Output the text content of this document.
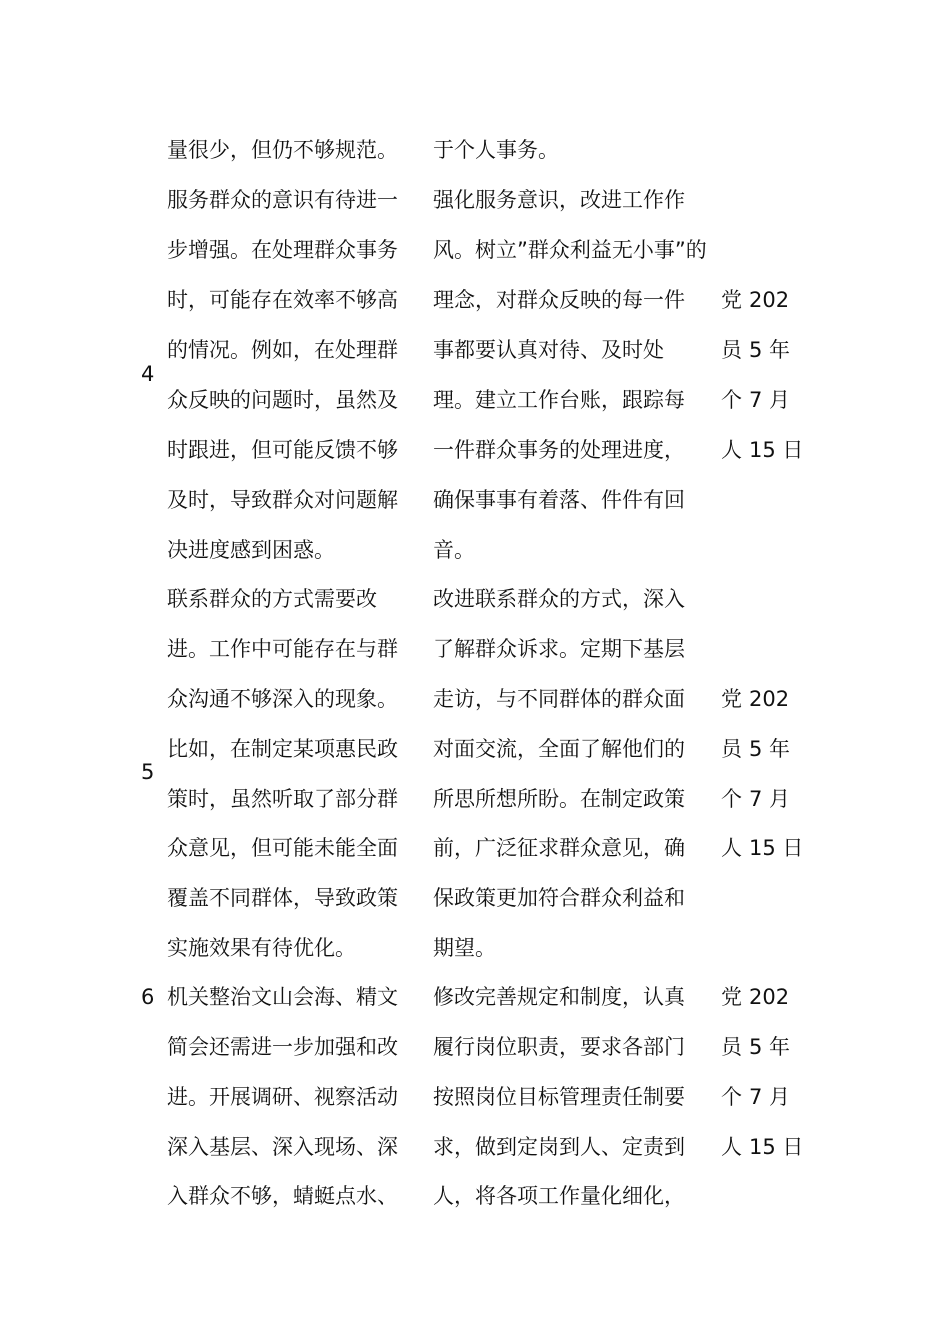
量很少，但仍不够规范。 于个人事务。
4
服务群众的意识有待进一
步增强。在处理群众事务
时，可能存在效率不够高
的情况。例如，在处理群
众反映的问题时，虽然及
时跟进，但可能反馈不够
及时，导致群众对问题解
决进度感到困惑。
强化服务意识，改进工作作
风。树立”群众利益无小事”的
理念，对群众反映的每一件
事都要认真对待、及时处
理。建立工作台账，跟踪每
一件群众事务的处理进度，
确保事事有着落、件件有回
音。
党
员
个
人
202
5 年
7 月
15 日
5
联系群众的方式需要改
进。工作中可能存在与群
众沟通不够深入的现象。
比如，在制定某项惠民政
策时，虽然听取了部分群
众意见，但可能未能全面
覆盖不同群体，导致政策
实施效果有待优化。
改进联系群众的方式，深入
了解群众诉求。定期下基层
走访，与不同群体的群众面
对面交流，全面了解他们的
所思所想所盼。在制定政策
前，广泛征求群众意见，确
保政策更加符合群众利益和
期望。
党
员
个
人
202
5 年
7 月
15 日
6 机关整治文山会海、精文
简会还需进一步加强和改
进。开展调研、视察活动
深入基层、深入现场、深
入群众不够，蜻蜓点水、
修改完善规定和制度，认真
履行岗位职责，要求各部门
按照岗位目标管理责任制要
求，做到定岗到人、定责到
人，将各项工作量化细化，
党
员
个
人
202
5 年
7 月
15 日
